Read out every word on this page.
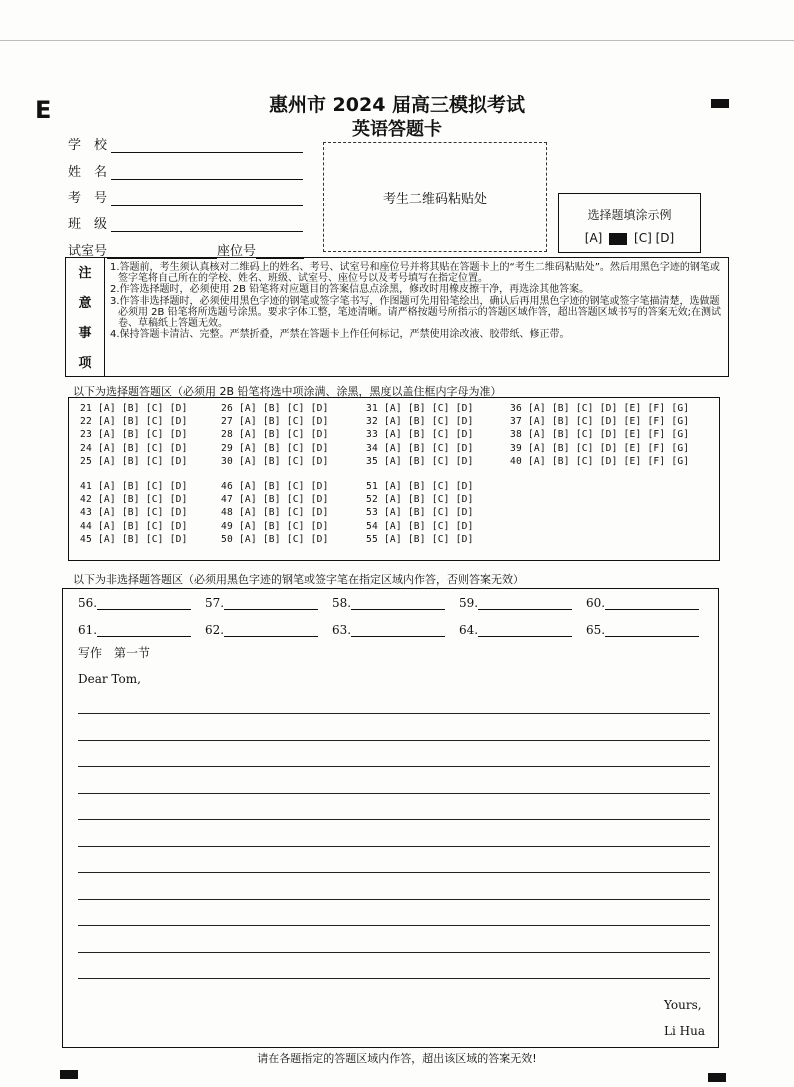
E	惠州市 2024 届高三模拟考试
英语答题卡
学　校
姓　名
考　号
班　级
试室号	座位号
考生二维码粘贴处
选择题填涂示例
[A]	[C] [D]
注
意
事
项
1.答题前，考生须认真核对二维码上的姓名、考号、试室号和座位号并将其贴在答题卡上的“考生二维码粘贴处”。然后用黑色字迹的钢笔或签字笔将自己所在的学校、姓名、班级、试室号、座位号以及考号填写在指定位置。
2.作答选择题时，必须使用 2B 铅笔将对应题目的答案信息点涂黑，修改时用橡皮擦干净，再选涂其他答案。
3.作答非选择题时，必须使用黑色字迹的钢笔或签字笔书写，作图题可先用铅笔绘出，确认后再用黑色字迹的钢笔或签字笔描清楚，选做题必须用 2B 铅笔将所选题号涂黑。要求字体工整，笔迹清晰。请严格按题号所指示的答题区域作答，超出答题区域书写的答案无效;在测试卷、草稿纸上答题无效。
4.保持答题卡清洁、完整。严禁折叠，严禁在答题卡上作任何标记，严禁使用涂改液、胶带纸、修正带。
以下为选择题答题区（必须用 2B 铅笔将选中项涂满、涂黑，黑度以盖住框内字母为准）
21 [A] [B] [C] [D]	26 [A] [B] [C] [D]	31 [A] [B] [C] [D]	36 [A] [B] [C] [D] [E] [F] [G]
22 [A] [B] [C] [D]	27 [A] [B] [C] [D]	32 [A] [B] [C] [D]	37 [A] [B] [C] [D] [E] [F] [G]
23 [A] [B] [C] [D]	28 [A] [B] [C] [D]	33 [A] [B] [C] [D]	38 [A] [B] [C] [D] [E] [F] [G]
24 [A] [B] [C] [D]	29 [A] [B] [C] [D]	34 [A] [B] [C] [D]	39 [A] [B] [C] [D] [E] [F] [G]
25 [A] [B] [C] [D]	30 [A] [B] [C] [D]	35 [A] [B] [C] [D]	40 [A] [B] [C] [D] [E] [F] [G]
41 [A] [B] [C] [D]	46 [A] [B] [C] [D]	51 [A] [B] [C] [D]
42 [A] [B] [C] [D]	47 [A] [B] [C] [D]	52 [A] [B] [C] [D]
43 [A] [B] [C] [D]	48 [A] [B] [C] [D]	53 [A] [B] [C] [D]
44 [A] [B] [C] [D]	49 [A] [B] [C] [D]	54 [A] [B] [C] [D]
45 [A] [B] [C] [D]	50 [A] [B] [C] [D]	55 [A] [B] [C] [D]
以下为非选择题答题区（必须用黑色字迹的钢笔或签字笔在指定区域内作答，否则答案无效）
56.	57.	58.	59.	60.
61.	62.	63.	64.	65.
写作　第一节
Dear Tom,
Yours,
Li Hua
请在各题指定的答题区域内作答，超出该区域的答案无效!
